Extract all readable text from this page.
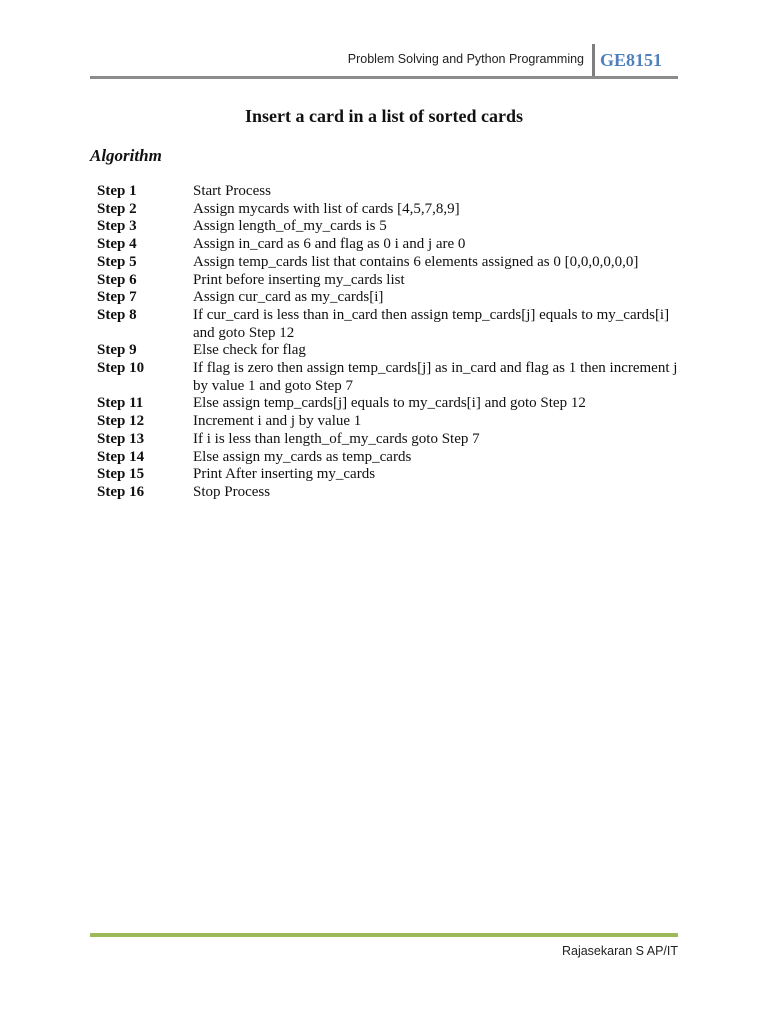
Problem Solving and Python Programming GE8151
Insert a card in a list of sorted cards
Algorithm
Step 1	Start Process
Step 2	Assign mycards with list of cards [4,5,7,8,9]
Step 3	Assign length_of_my_cards is 5
Step 4	Assign in_card as 6 and flag as 0 i and j are 0
Step 5	Assign temp_cards list that contains 6 elements assigned as 0 [0,0,0,0,0,0]
Step 6	Print before inserting my_cards list
Step 7	Assign cur_card as my_cards[i]
Step 8	If cur_card is less than in_card then assign temp_cards[j] equals to my_cards[i] and goto Step 12
Step 9	Else check for flag
Step 10	If flag is zero then assign temp_cards[j] as in_card and flag as 1 then increment j by value 1 and goto Step 7
Step 11	Else assign temp_cards[j] equals to my_cards[i] and goto Step 12
Step 12	Increment i and j by value 1
Step 13	If i is less than length_of_my_cards goto Step 7
Step 14	Else assign my_cards as temp_cards
Step 15	Print After inserting my_cards
Step 16	Stop Process
Rajasekaran S AP/IT
